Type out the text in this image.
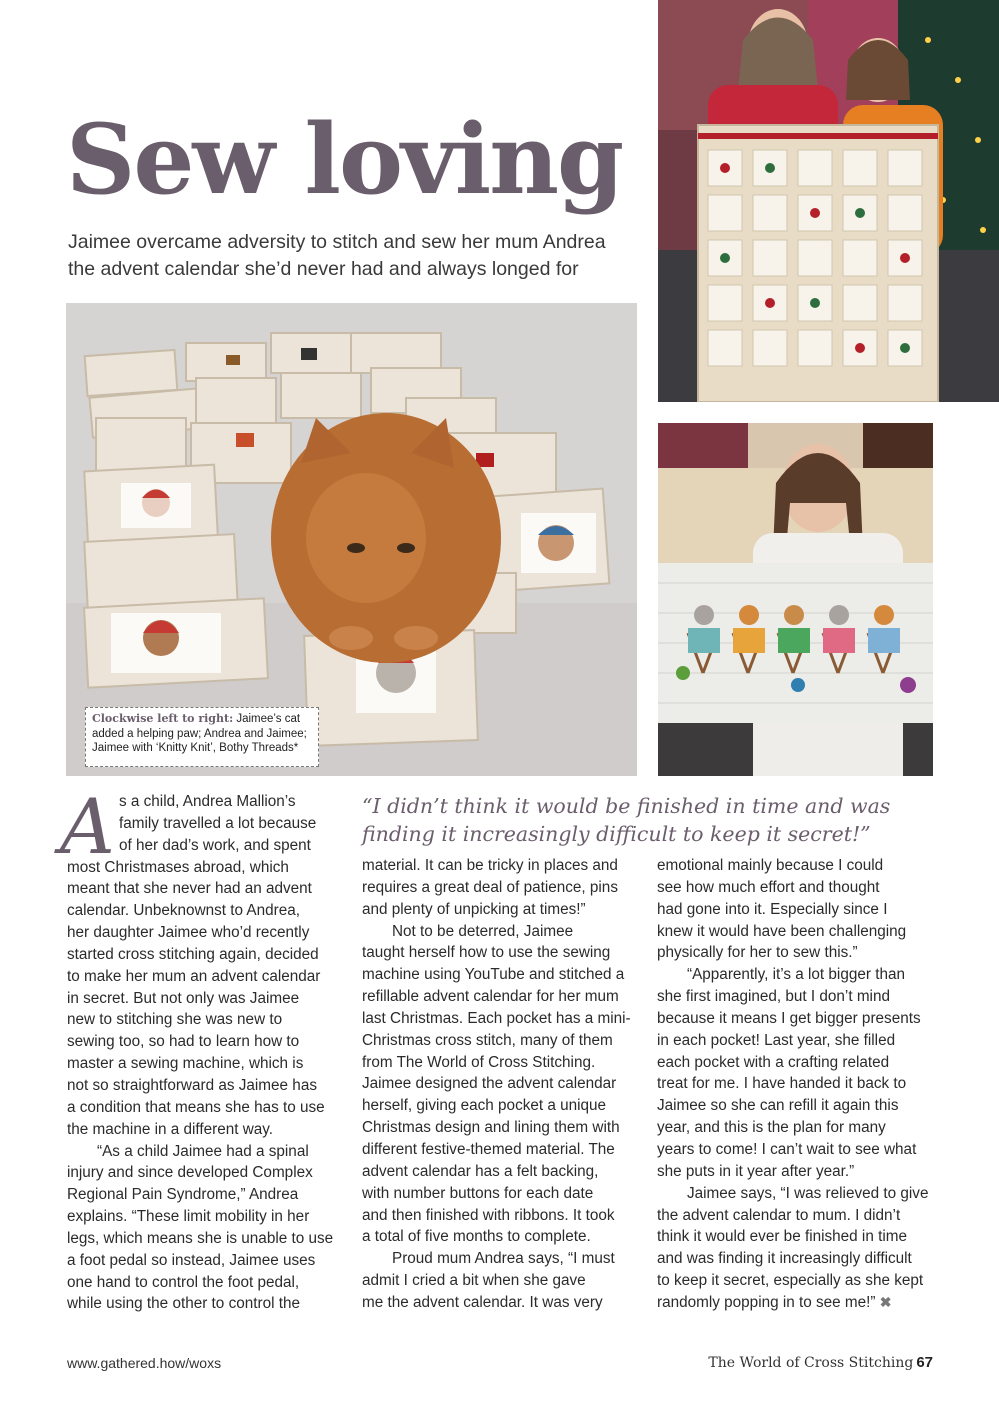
Sew loving
Jaimee overcame adversity to stitch and sew her mum Andrea
the advent calendar she’d never had and always longed for
Clockwise left to right: Jaimee’s cat
added a helping paw; Andrea and Jaimee;
Jaimee with ‘Knitty Knit’, Bothy Threads*
“I didn’t think it would be finished in time and was
finding it increasingly difficult to keep it secret!”
A s a child, Andrea Mallion’s
family travelled a lot because
of her dad’s work, and spent
most Christmases abroad, which
meant that she never had an advent
calendar. Unbeknownst to Andrea,
her daughter Jaimee who’d recently
started cross stitching again, decided
to make her mum an advent calendar
in secret. But not only was Jaimee
new to stitching she was new to
sewing too, so had to learn how to
master a sewing machine, which is
not so straightforward as Jaimee has
a condition that means she has to use
the machine in a different way.
“As a child Jaimee had a spinal
injury and since developed Complex
Regional Pain Syndrome,” Andrea
explains. “These limit mobility in her
legs, which means she is unable to use
a foot pedal so instead, Jaimee uses
one hand to control the foot pedal,
while using the other to control the
material. It can be tricky in places and
requires a great deal of patience, pins
and plenty of unpicking at times!”
Not to be deterred, Jaimee
taught herself how to use the sewing
machine using YouTube and stitched a
refillable advent calendar for her mum
last Christmas. Each pocket has a mini-
Christmas cross stitch, many of them
from The World of Cross Stitching.
Jaimee designed the advent calendar
herself, giving each pocket a unique
Christmas design and lining them with
different festive-themed material. The
advent calendar has a felt backing,
with number buttons for each date
and then finished with ribbons. It took
a total of five months to complete.
Proud mum Andrea says, “I must
admit I cried a bit when she gave
me the advent calendar. It was very
emotional mainly because I could
see how much effort and thought
had gone into it. Especially since I
knew it would have been challenging
physically for her to sew this.”
“Apparently, it’s a lot bigger than
she first imagined, but I don’t mind
because it means I get bigger presents
in each pocket! Last year, she filled
each pocket with a crafting related
treat for me. I have handed it back to
Jaimee so she can refill it again this
year, and this is the plan for many
years to come! I can’t wait to see what
she puts in it year after year.”
Jaimee says, “I was relieved to give
the advent calendar to mum. I didn’t
think it would ever be finished in time
and was finding it increasingly difficult
to keep it secret, especially as she kept
randomly popping in to see me!” ✖
www.gathered.how/woxs	The World of Cross Stitching 67
